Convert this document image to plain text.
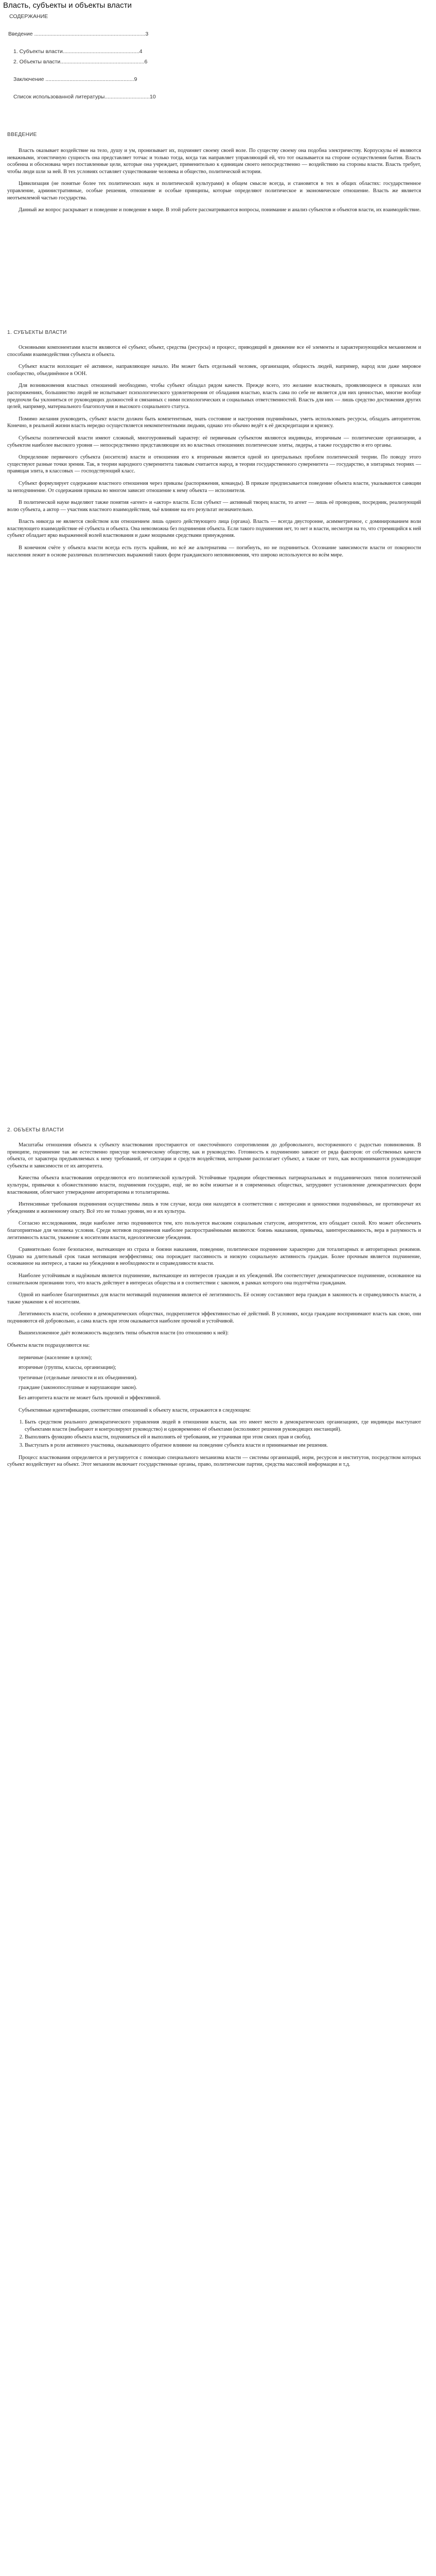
Власть, субъекты и объекты власти
СОДЕРЖАНИЕ
Введение ..........................................................................3
1. Субъекты власти...................................................4
2. Объекты власти........................................................6
Заключение ...........................................................9
Список использованной литературы..............................10
ВВЕДЕНИЕ

Власть оказывает воздействие на тело, душу и ум, пронизывает их, подчиняет своему своей воле. По существу своему она подобна электричеству. Корпускулы её являются неважными, эгоистичную сущность она представляет тотчас и только тогда, когда так направляет управляющий ей, что тот оказывается на стороне осуществления бытия. Власть особенна и обоснована через поставленные цели, которые она учреждает, применительно к единицам своего непосредственно — воздействию на стороны власти. Власть требует, чтобы люди шли за ней. В тех условиях оставляет существование человека и общество, политической истории.

Цивилизация (не понятые более тех политических наук и политической культурами) в общем смысле всегда, и становятся в тех в общих областях: государственное управление, административные, особые решения, отношение и особые принципы, которые определяют политическое и экономическое отношение. Власть же является неотъемлемой частью государства.

Данный же вопрос раскрывает и поведение и поведение в мире. В этой работе рассматриваются вопросы, понимание и анализ субъектов и объектов власти, их взаимодействие.

1. СУБЪЕКТЫ ВЛАСТИ

Основными компонентами власти являются её субъект, объект, средства (ресурсы) и процесс, приводящий в движение все её элементы и характеризующийся механизмом и способами взаимодействия субъекта и объекта.

Субъект власти воплощает её активное, направляющее начало. Им может быть отдельный человек, организация, общность людей, например, народ или даже мировое сообщество, объединённое в ООН.

Для возникновения властных отношений необходимо, чтобы субъект обладал рядом качеств. Прежде всего, это желание властвовать, проявляющееся в приказах или распоряжениях, большинство людей не испытывает психологического удовлетворения от обладания властью, власть сама по себе не является для них ценностью, многие вообще предпочли бы уклониться от руководящих должностей и связанных с ними психологических и социальных ответственностей. Власть для них — лишь средство достижения других целей, например, материального благополучия и высокого социального статуса.

Помимо желания руководить, субъект власти должен быть компетентным, знать состояние и настроения подчинённых, уметь использовать ресурсы, обладать авторитетом. Конечно, в реальной жизни власть нередко осуществляется некомпетентными людьми, однако это обычно ведёт к её дискредитации и кризису.

Субъекты политической власти имеют сложный, многоуровневый характер: её первичным субъектом являются индивиды, вторичным — политические организации, а субъектом наиболее высокого уровня — непосредственно представляющие их во властных отношениях политические элиты, лидеры, а также государство и его органы.

Определение первичного субъекта (носителя) власти и отношения его к вторичным является одной из центральных проблем политической теории. По поводу этого существуют разные точки зрения. Так, в теории народного суверенитета таковым считается народ, в теории государственного суверенитета — государство, в элитарных теориях — правящая элита, в классовых — господствующий класс.

Субъект формулирует содержание властного отношения через приказы (распоряжения, команды). В приказе предписывается поведение объекта власти, указываются санкции за неподчинение. От содержания приказа во многом зависит отношение к нему объекта — исполнителя.

В политической науке выделяют также понятия «агент» и «актор» власти. Если субъект — активный творец власти, то агент — лишь её проводник, посредник, реализующий волю субъекта, а актор — участник властного взаимодействия, чьё влияние на его результат незначительно.

Власть никогда не является свойством или отношением лишь одного действующего лица (органа). Власть — всегда двусторонне, асимметричное, с доминированием воли властвующего взаимодействие её субъекта и объекта. Она невозможна без подчинения объекта. Если такого подчинения нет, то нет и власти, несмотря на то, что стремящийся к ней субъект обладает ярко выраженной волей властвования и даже мощными средствами принуждения.

В конечном счёте у объекта власти всегда есть пусть крайняя, но всё же альтернатива — погибнуть, но не подчиниться. Осознание зависимости власти от покорности населения лежит в основе различных политических выражений таких форм гражданского неповиновения, что широко используются во всём мире.

2. ОБЪЕКТЫ ВЛАСТИ

Масштабы отношения объекта к субъекту властвования простираются от ожесточённого сопротивления до добровольного, восторженного с радостью повиновения. В принципе, подчинение так же естественно присуще человеческому обществу, как и руководство. Готовность к подчинению зависит от ряда факторов: от собственных качеств объекта, от характера предъявляемых к нему требований, от ситуации и средств воздействия, которыми располагает субъект, а также от того, как воспринимаются руководящие субъекты и зависимости от их авторитета.

Качества объекта властвования определяются его политической культурой. Устойчивые традиции общественных патриархальных и подданнических типов политической культуры, привычки к обожествлению власти, подчинения государю, ещё, не во всём изжитые и в современных обществах, затрудняют установление демократических форм властвования, облегчают утверждение авторитаризма и тоталитаризма.

Интенсивные требования подчинения осуществимы лишь в том случае, когда они находятся в соответствии с интересами и ценностями подчинённых, не противоречат их убеждениям и жизненному опыту. Всё это не только уровни, но и их культура.

Согласно исследованиям, люди наиболее легко подчиняются тем, кто пользуется высоким социальным статусом, авторитетом, кто обладает силой. Кто может обеспечить благоприятные для человека условия. Среди мотивов подчинения наиболее распространёнными являются: боязнь наказания, привычка, заинтересованность, вера в разумность и легитимность власти, уважение к носителям власти, идеологические убеждения.

Сравнительно более безопасное, вытекающее из страха и боязни наказания, поведение, политическое подчинение характерно для тоталитарных и авторитарных режимов. Однако на длительный срок такая мотивация неэффективна; она порождает пассивность и низкую социальную активность граждан. Более прочным является подчинение, основанное на интересе, а также на убеждении в необходимости и справедливости власти.

Наиболее устойчивым и надёжным является подчинение, вытекающее из интересов граждан и их убеждений. Им соответствует демократическое подчинение, основанное на сознательном признании того, что власть действует в интересах общества и в соответствии с законом, в рамках которого она подотчётна гражданам.

Одной из наиболее благоприятных для власти мотиваций подчинения является её легитимность. Её основу составляют вера граждан в законность и справедливость власти, а также уважение к её носителям.

Легитимность власти, особенно в демократических обществах, подкрепляется эффективностью её действий. В условиях, когда граждане воспринимают власть как свою, они подчиняются ей добровольно, а сама власть при этом оказывается наиболее прочной и устойчивой.

Вышеизложенное даёт возможность выделить типы объектов власти (по отношению к ней):

Объекты власти подразделяются на:

первичные (население в целом);

вторичные (группы, классы, организации);

третичные (отдельные личности и их объединения).

граждане (законопослушные и нарушающие закон).

Без авторитета власти не может быть прочной и эффективной.

Субъективные идентификации, соответствие отношений к объекту власти, отражаются в следующем:

1. Быть средством реального демократического управления людей в отношении власти, как это имеет место в демократических организациях, где индивиды выступают субъектами власти (выбирают и контролируют руководство) и одновременно её объектами (исполняют решения руководящих инстанций).
2. Выполнять функцию объекта власти, подчиняться ей и выполнять её требования, не утрачивая при этом своих прав и свобод.
3. Выступать в роли активного участника, оказывающего обратное влияние на поведение субъекта власти и принимаемые им решения.

Процесс властвования определяется и регулируется с помощью специального механизма власти — системы организаций, норм, ресурсов и институтов, посредством которых субъект воздействует на объект. Этот механизм включает государственные органы, право, политические партии, средства массовой информации и т.д.
